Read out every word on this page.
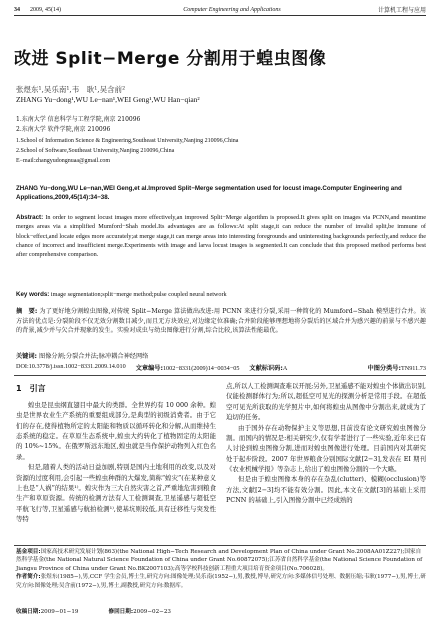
34	2009, 45(14)	Computer Engineering and Applications	计算机工程与应用
改进 Split−Merge 分割用于蝗虫图像
张煜东¹,吴乐南¹,韦　耿¹,吴含前²
ZHANG Yu−dong¹,WU Le−nan¹,WEI Geng¹,WU Han−qian²
1.东南大学 信息科学与工程学院,南京 210096
2.东南大学 软件学院,南京 210096
1.School of Information Science & Engineering,Southeast University,Nanjing 210096,China
2.School of Software,Southeast University,Nanjing 210096,China
E−mail:zhangyudongnuaa@gmail.com
ZHANG Yu−dong,WU Le−nan,WEI Geng,et al.Improved Split−Merge segmentation used for locust image.Computer Engineering and Applications,2009,45(14):34−38.
Abstract: In order to segment locust images more effectively,an improved Split−Merge algorithm is proposed.It gives split on images via PCNN,and meantime merges areas via a simplified Mumford−Shah model.Its advantages are as follows:At split stage,it can reduce the number of invalid split,be immune of block−effect,and locate edges more accurately;at merge stage,it can merge areas into interesting foregrounds and uninteresting backgrounds perfectly,and reduce the chance of incorrect and insufficient merge.Experiments with image and larva locust images is segmented.It can conclude that this proposed method performs best after comprehensive comparison.
Key words: image segmentation;split−merge method;pulse coupled neural network
摘　要: 为了更好地分割蝗虫图像,对传统 Split−Merge 算法做出改进:用 PCNN 来进行分裂,采用一种简化的 Mumford−Shah 模型进行合并。该方法的优点是:分裂阶段不仅无效分割数目减少,而且无方块效应,对边缘定位准确;合并阶段能够理想地将分裂后的区域合并为感兴趣的前景与不感兴趣的背景,减少并与欠合并现象的发生。实验对成虫与幼虫图像进行分割,综合比较,该算法性能最优。
关键词: 图像分割;分裂合并法;脉冲耦合神经网络
DOI:10.3778/j.issn.1002−8331.2009.14.010 文章编号:1002−8331(2009)14−0034−05 文献标识码:A	中图分类号:TN911.73
1　引言

蝗虫是昆虫纲直翅目中最大的类群。全世界约有 10 000 余种。蝗虫是世界农业生产系统的重要组成部分,是典型的初级消费者。由于它们的存在,使得植物所定的太阳能和物质以循环转化和分解,从而维持生态系统的稳定。在草原生态系统中,蝗虫大约转化了植物固定的太阳能的 10%~15%。在俄罗斯远东地区,蝗虫就是当作保护动物列入红色名录。

但是,随着人类的活动日益加剧,特别是国内土地利用的改变,以及对资源的过度利用,会引起一些蝗虫种群的大爆发,简称“蝗灾”(在某种意义上也是“人祸”的结果¹⁾。蝗灾作为三大自然灾害之首,严重地危害到粮食生产和草原资源。传统的检测方法有人工检测调查,卫星遥感与超低空平航飞行等,卫星遥感与航拍检测¹⁾,使基坑则较低,具有迁移性与突发性等特

点,所以人工检测调查难以开展;另外,卫星遥感不能对蝗虫个体做出识别,仅能检测群体行为;所以,超低空可见光的探测分析是常用手段。在超低空可见光所获取的光学照片中,如何将蝗虫从图像中分割出来,就成为了迫切的任务。

由于国外存在动物保护主义等思想,目前没有论文研究蝗虫图像分割。而国内的情况是:相关研究少,仅有学者进行了一些实验,近年来已有人讨论到蝗虫图像分割,进而对蝗虫图像进行处理。目前国内对其研究处于起步阶段。2007 年世界粮食分别国际文献[2−3],发表在 EI 期刊《农业机械学报》等杂志上,给出了蝗虫图像分割的一个大略。

但是由于蝗虫图像本身的存在杂乱(clutter)、模糊(occlusion)等方法,文献[2−3]均不能有效分割。因此,本文在文献[3]的基础上采用 PCNN 的基础上,引入图像分割中已经成熟的

基金项目:国家高技术研究发展计划(863)(the National High−Tech Research and Development Plan of China under Grant No.2008AA01Z227);国家自然科学基金(the National Natural Science Foundation of China under Grant No.60872075);江苏省自然科学基金(the National Science Foundation of Jiangsu Province of China under Grant No.BK2007103);高等学校科技创新工程重大项目培育资金项目(No.706028)。
作者简介:张煜东(1985−),男,CCF 学生会员,博士生,研究方向:图像处理;吴乐南(1952−),男,教授,博导,研究方向:多媒体信号处理、数据压缩;韦耿(1977−),男,博士,研究方向:图像处理;吴含前(1972−),男,博士,副教授,研究方向:数据库。
收稿日期:2009−01−19	修回日期:2009−02−23
